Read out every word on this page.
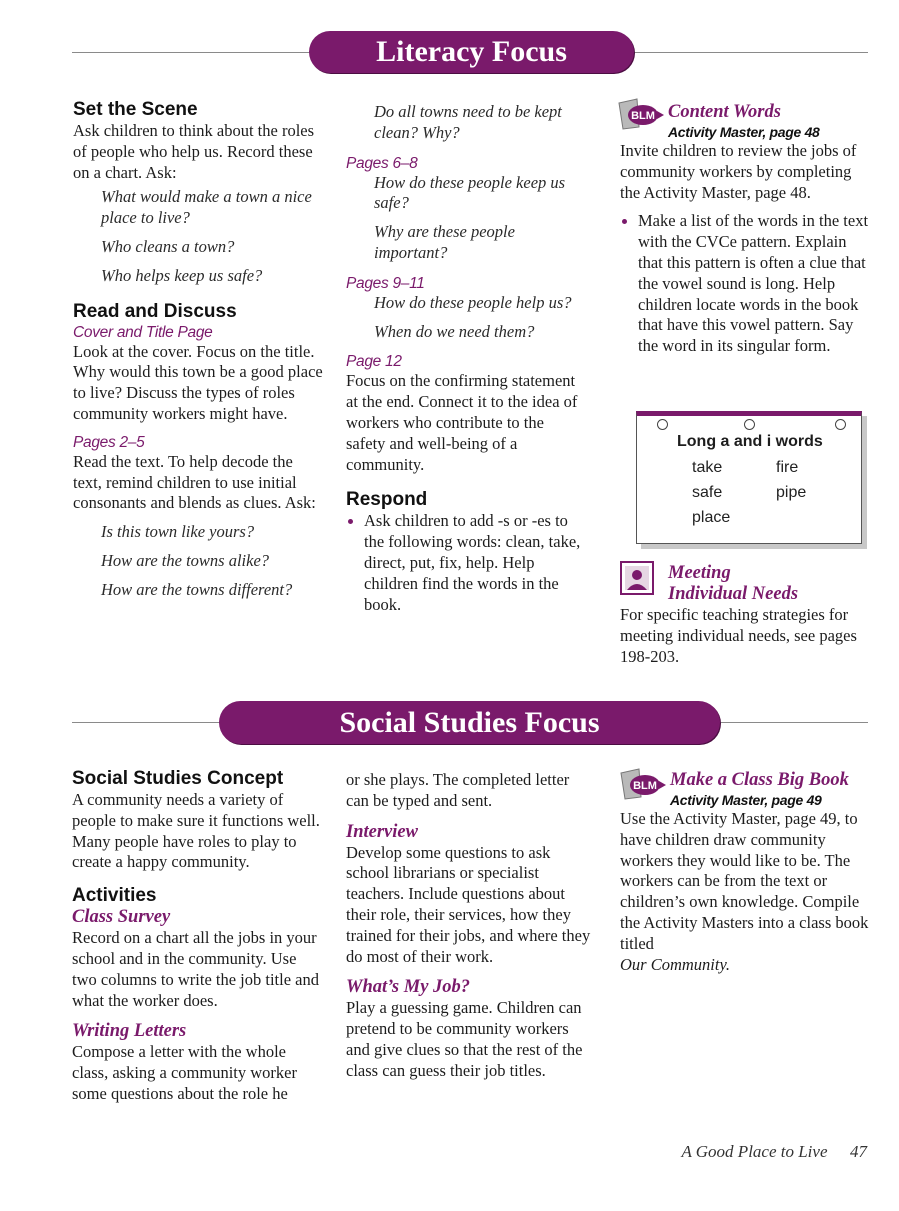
Literacy Focus

Set the Scene

Ask children to think about the roles of people who help us. Record these on a chart. Ask:

What would make a town a nice place to live?

Who cleans a town?

Who helps keep us safe?

Read and Discuss

Cover and Title Page

Look at the cover. Focus on the title. Why would this town be a good place to live? Discuss the types of roles community workers might have.

Pages 2–5

Read the text. To help decode the text, remind children to use initial consonants and blends as clues. Ask:

Is this town like yours?

How are the towns alike?

How are the towns different?

Do all towns need to be kept clean? Why?

Pages 6–8

How do these people keep us safe?

Why are these people important?

Pages 9–11

How do these people help us?

When do we need them?

Page 12

Focus on the confirming statement at the end. Connect it to the idea of workers who contribute to the safety and well-being of a community.

Respond

Ask children to add -s or -es to the following words: clean, take, direct, put, fix, help. Help children find the words in the book.
BLM Content Words

Activity Master, page 48

Invite children to review the jobs of community workers by completing the Activity Master, page 48.

Make a list of the words in the text with the CVCe pattern. Explain that this pattern is often a clue that the vowel sound is long. Help children locate words in the book that have this vowel pattern. Say the word in its singular form.
Long a and i words
take
safe
place
fire
pipe

Meeting

Individual Needs

For specific teaching strategies for meeting individual needs, see pages 198-203.

Social Studies Focus

Social Studies Concept

A community needs a variety of people to make sure it functions well. Many people have roles to play to create a happy community.

Activities

Class Survey

Record on a chart all the jobs in your school and in the community. Use two columns to write the job title and what the worker does.

Writing Letters

Compose a letter with the whole class, asking a community worker some questions about the role he

or she plays. The completed letter can be typed and sent.

Interview

Develop some questions to ask school librarians or specialist teachers. Include questions about their role, their services, how they trained for their jobs, and where they do most of their work.

What’s My Job?

Play a guessing game. Children can pretend to be community workers and give clues so that the rest of the class can guess their job titles.

BLM Make a Class Big Book

Activity Master, page 49

Use the Activity Master, page 49, to have children draw community workers they would like to be. The workers can be from the text or children’s own knowledge. Compile the Activity Masters into a class book titled

Our Community.

A Good Place to Live 47
